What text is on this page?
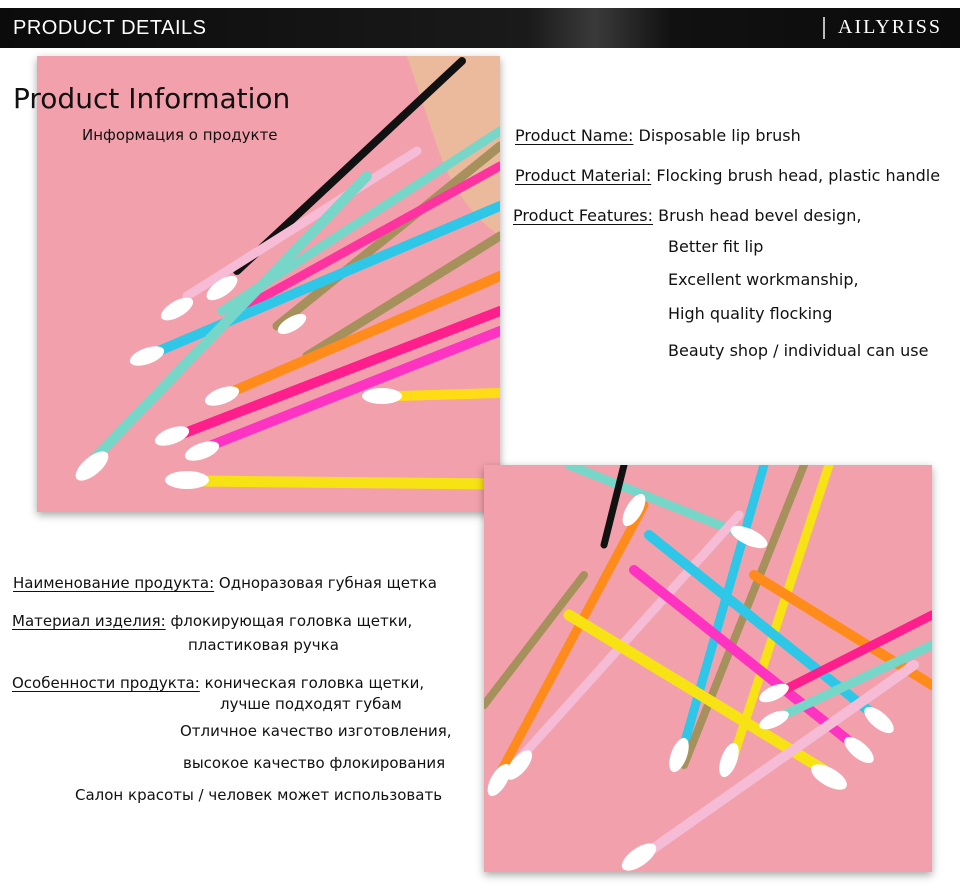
PRODUCT DETAILS	AILYRISS
Product Information
Информация о продукте	Product Name: Disposable lip brush
Product Material: Flocking brush head, plastic handle
Product Features: Brush head bevel design,
Better fit lip
Excellent workmanship,
High quality flocking
Beauty shop / individual can use
Наименование продукта: Одноразовая губная щетка
Материал изделия: флокирующая головка щетки,
пластиковая ручка
Особенности продукта: коническая головка щетки,
лучше подходят губам
Отличное качество изготовления,
высокое качество флокирования
Салон красоты / человек может использовать
